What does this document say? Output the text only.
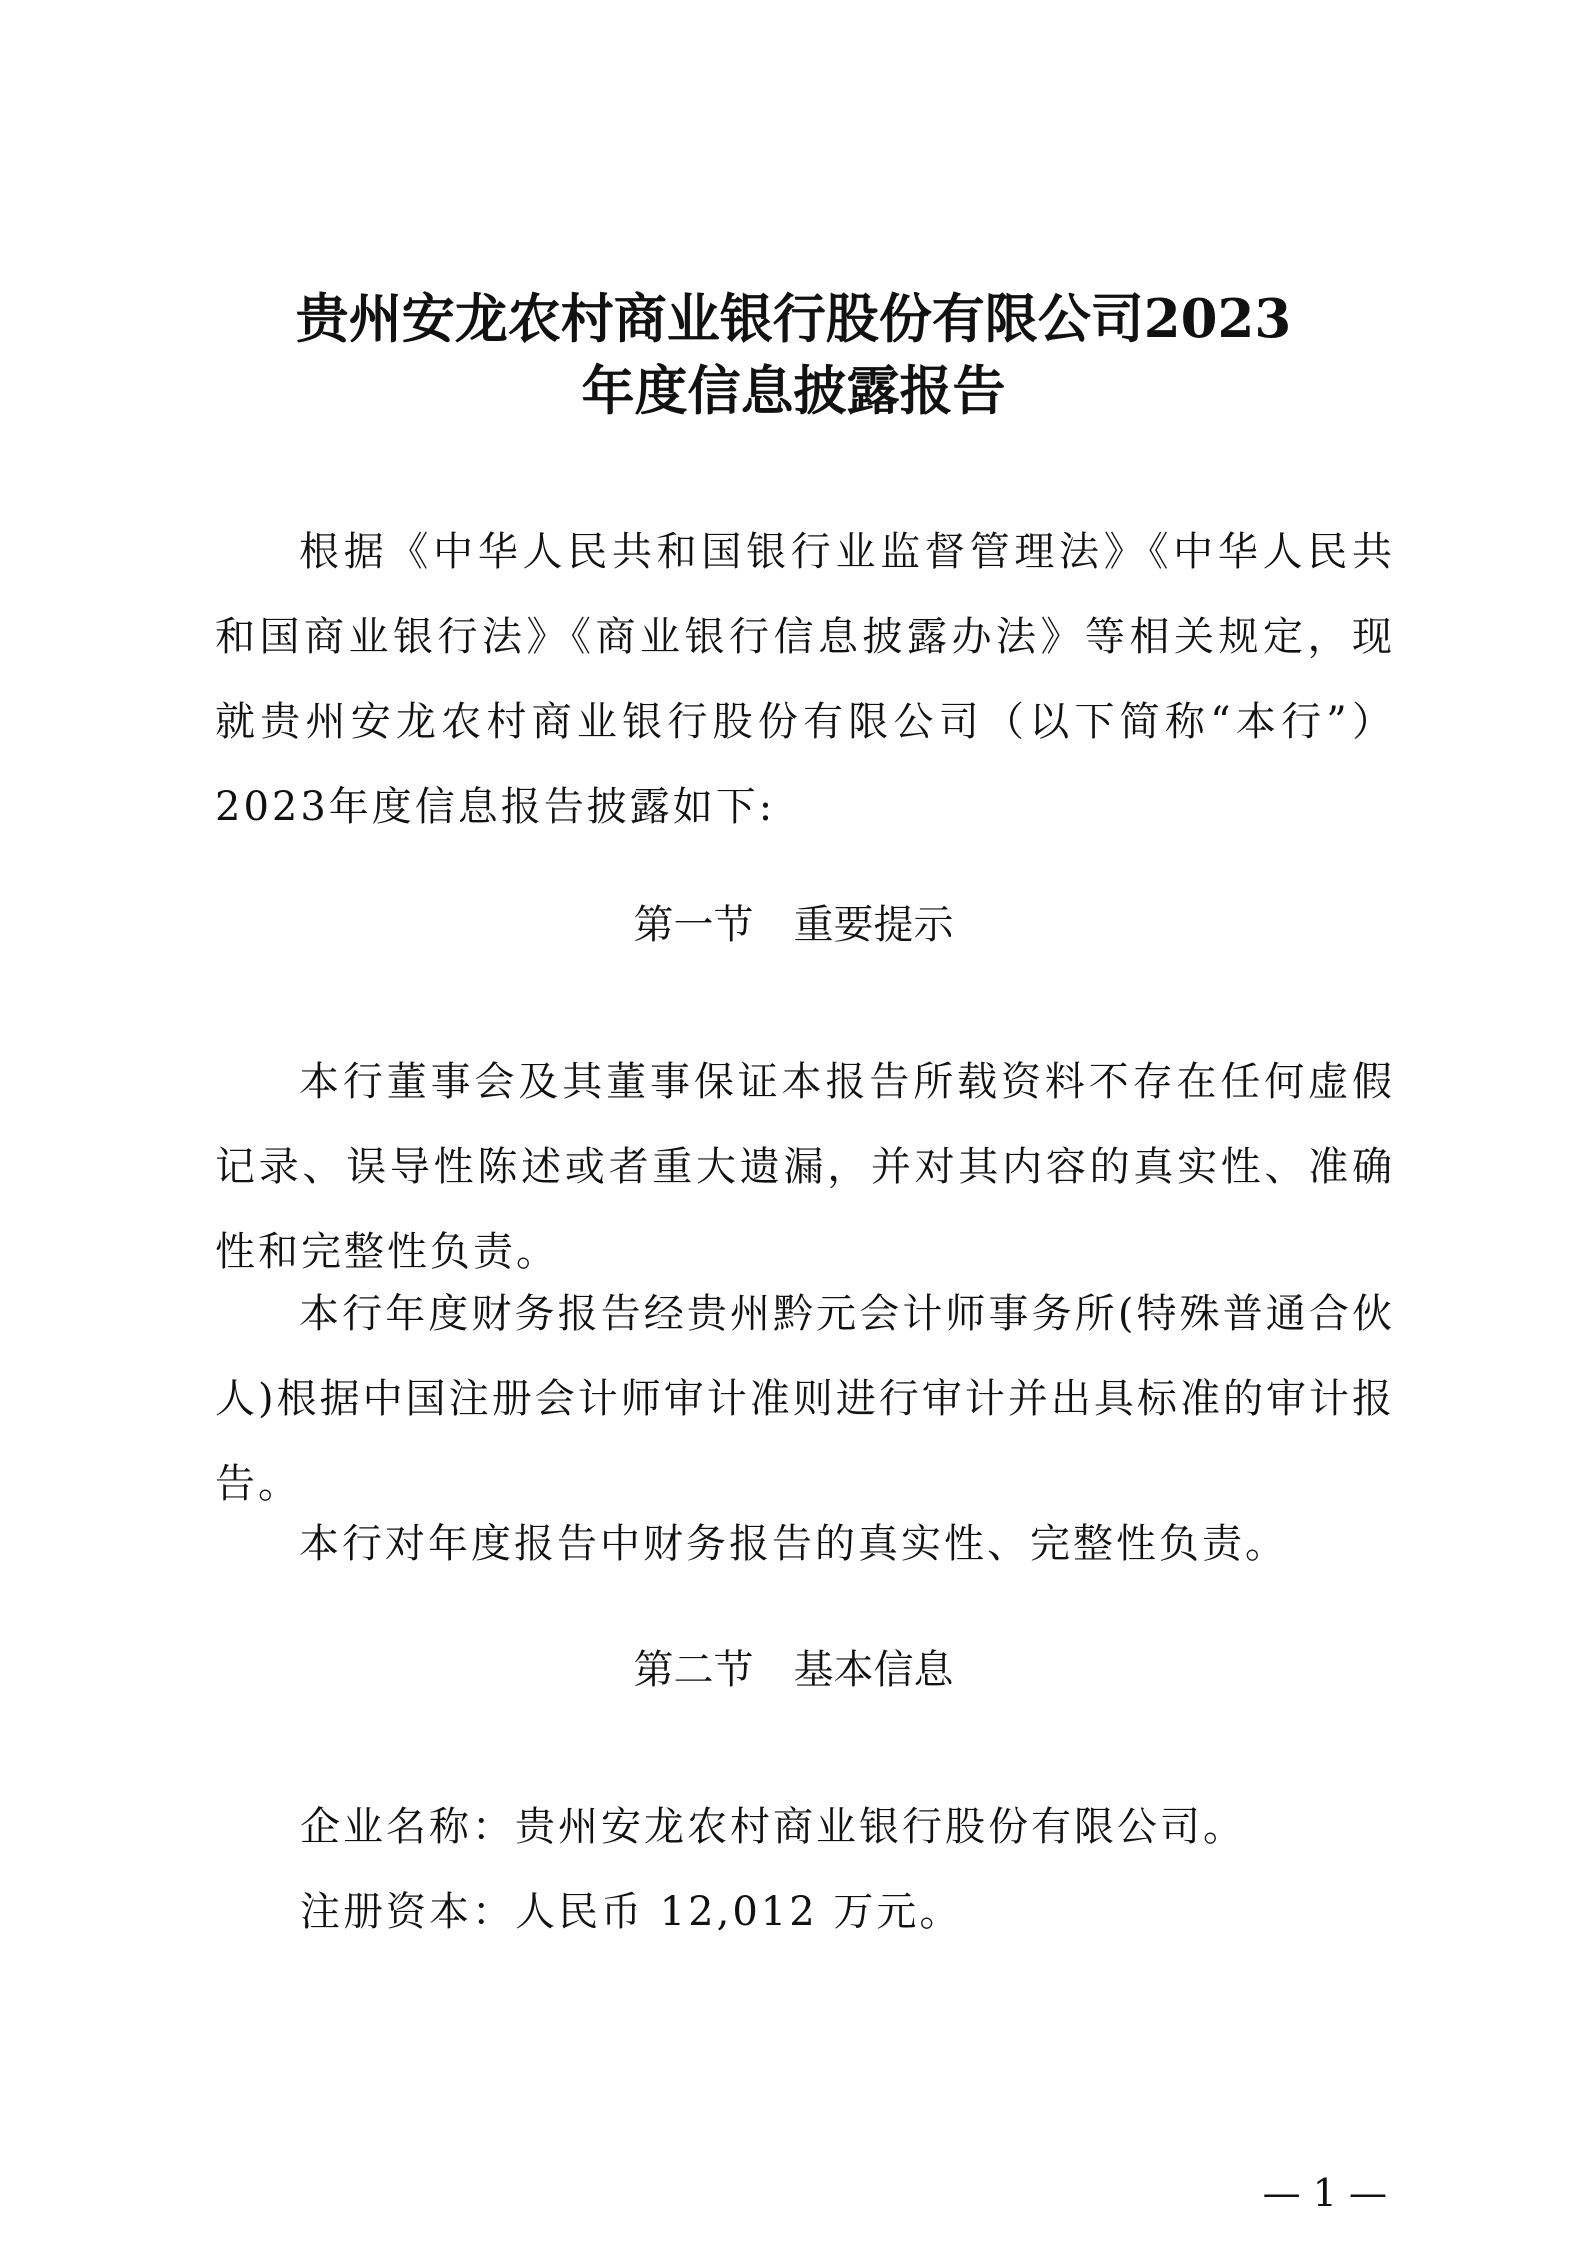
贵州安龙农村商业银行股份有限公司2023
年度信息披露报告
根据《中华人民共和国银行业监督管理法》《中华人民共和国商业银行法》《商业银行信息披露办法》等相关规定，现就贵州安龙农村商业银行股份有限公司（以下简称“本行”）2023年度信息报告披露如下:
第一节　重要提示
本行董事会及其董事保证本报告所载资料不存在任何虚假记录、误导性陈述或者重大遗漏，并对其内容的真实性、准确性和完整性负责。
本行年度财务报告经贵州黔元会计师事务所(特殊普通合伙人)根据中国注册会计师审计准则进行审计并出具标准的审计报告。
本行对年度报告中财务报告的真实性、完整性负责。
第二节　基本信息
企业名称：贵州安龙农村商业银行股份有限公司。
注册资本：人民币 12,012 万元。
— 1 —
